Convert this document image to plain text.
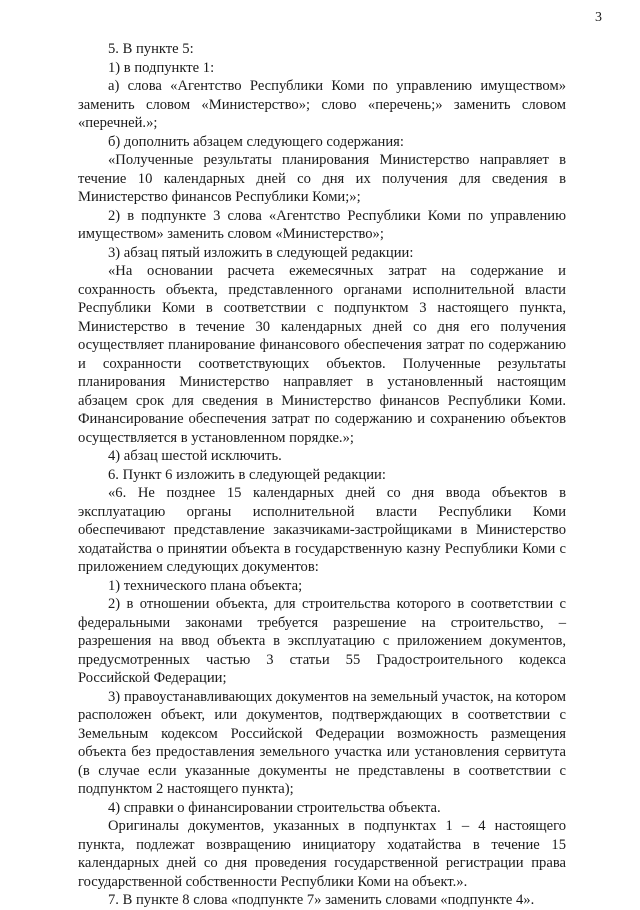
3

5. В пункте 5:

1) в подпункте 1:

а) слова «Агентство Республики Коми по управлению имуществом» заменить словом «Министерство»; слово «перечень;» заменить словом «перечней.»;

б) дополнить абзацем следующего содержания:

«Полученные результаты планирования Министерство направляет в течение 10 календарных дней со дня их получения для сведения в Министерство финансов Республики Коми;»;

2) в подпункте 3 слова «Агентство Республики Коми по управлению имуществом» заменить словом «Министерство»;

3) абзац пятый изложить в следующей редакции:

«На основании расчета ежемесячных затрат на содержание и сохранность объекта, представленного органами исполнительной власти Республики Коми в соответствии с подпунктом 3 настоящего пункта, Министерство в течение 30 календарных дней со дня его получения осуществляет планирование финансового обеспечения затрат по содержанию и сохранности соответствующих объектов. Полученные результаты планирования Министерство направляет в установленный настоящим абзацем срок для сведения в Министерство финансов Республики Коми. Финансирование обеспечения затрат по содержанию и сохранению объектов осуществляется в установленном порядке.»;

4) абзац шестой исключить.

6. Пункт 6 изложить в следующей редакции:

«6. Не позднее 15 календарных дней со дня ввода объектов в эксплуатацию органы исполнительной власти Республики Коми обеспечивают представление заказчиками-застройщиками в Министерство ходатайства о принятии объекта в государственную казну Республики Коми с приложением следующих документов:

1) технического плана объекта;

2) в отношении объекта, для строительства которого в соответствии с федеральными законами требуется разрешение на строительство, – разрешения на ввод объекта в эксплуатацию с приложением документов, предусмотренных частью 3 статьи 55 Градостроительного кодекса Российской Федерации;

3) правоустанавливающих документов на земельный участок, на котором расположен объект, или документов, подтверждающих в соответствии с Земельным кодексом Российской Федерации возможность размещения объекта без предоставления земельного участка или установления сервитута (в случае если указанные документы не представлены в соответствии с подпунктом 2 настоящего пункта);

4) справки о финансировании строительства объекта.

Оригиналы документов, указанных в подпунктах 1 – 4 настоящего пункта, подлежат возвращению инициатору ходатайства в течение 15 календарных дней со дня проведения государственной регистрации права государственной собственности Республики Коми на объект.».

7. В пункте 8 слова «подпункте 7» заменить словами «подпункте 4».
